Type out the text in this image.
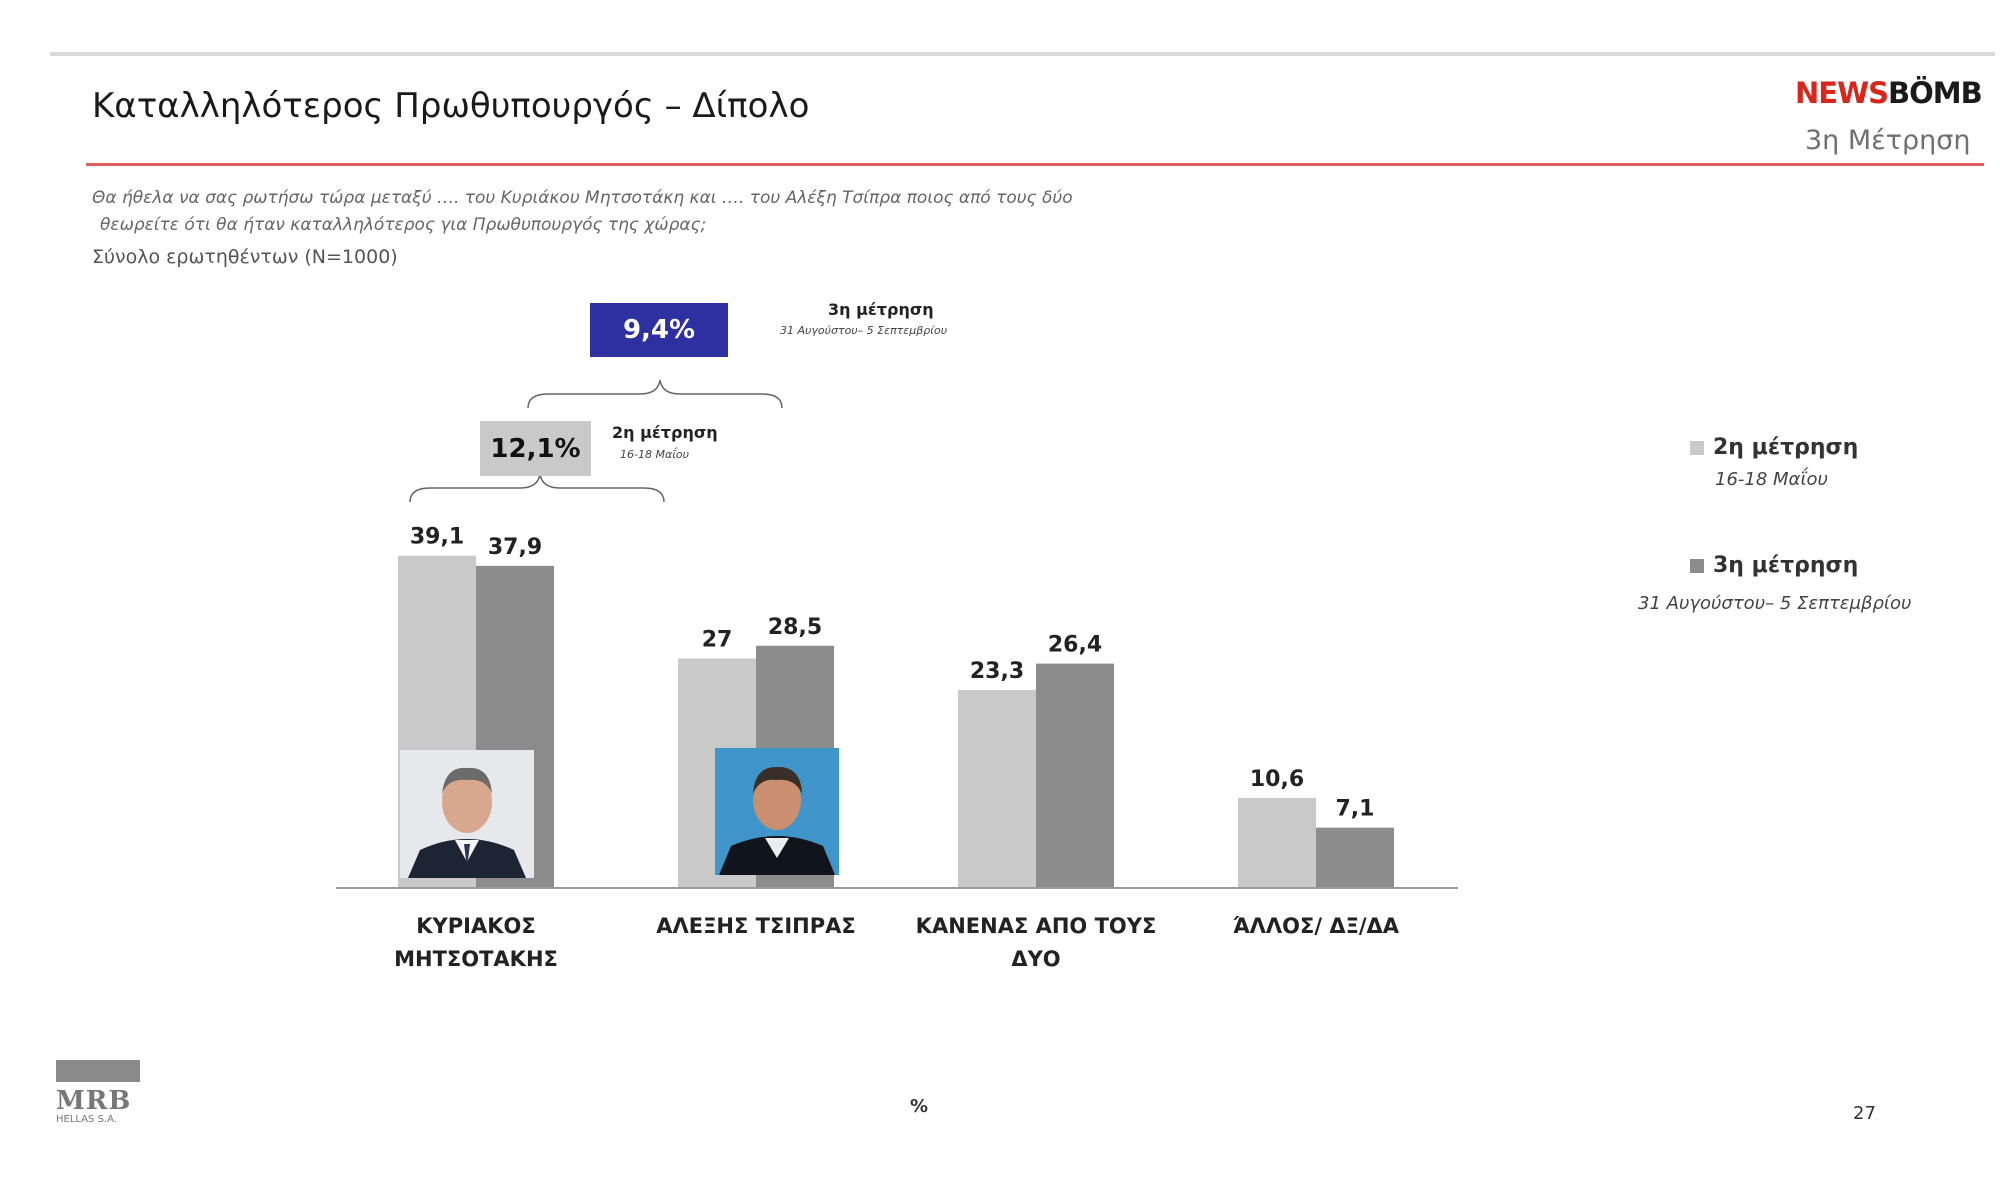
Καταλληλότερος Πρωθυπουργός – Δίπολο	NEWSBÖMB
3η Μέτρηση
Θα ήθελα να σας ρωτήσω τώρα μεταξύ …. του Κυριάκου Μητσοτάκη και …. του Αλέξη Τσίπρα ποιος από τους δύο
θεωρείτε ότι θα ήταν καταλληλότερος για Πρωθυπουργός της χώρας;
Σύνολο ερωτηθέντων (Ν=1000)
39,1
27
23,3
10,6
37,9
28,5
26,4
7,1
ΚΥΡΙΑΚΟΣ
ΜΗΤΣΟΤΑΚΗΣ
ΑΛΕΞΗΣ ΤΣΙΠΡΑΣ	ΚΑΝΕΝΑΣ ΑΠΟ ΤΟΥΣ
ΔΥΟ
ΆΛΛΟΣ/ ΔΞ/ΔΑ
9,4%
3η μέτρηση
31 Αυγούστου– 5 Σεπτεμβρίου
12,1%
2η μέτρηση
16-18 Μαΐου	2η μέτρηση
16-18 Μαΐου
3η μέτρηση
31 Αυγούστου– 5 Σεπτεμβρίου
MRB
HELLAS S.A.
%	27
